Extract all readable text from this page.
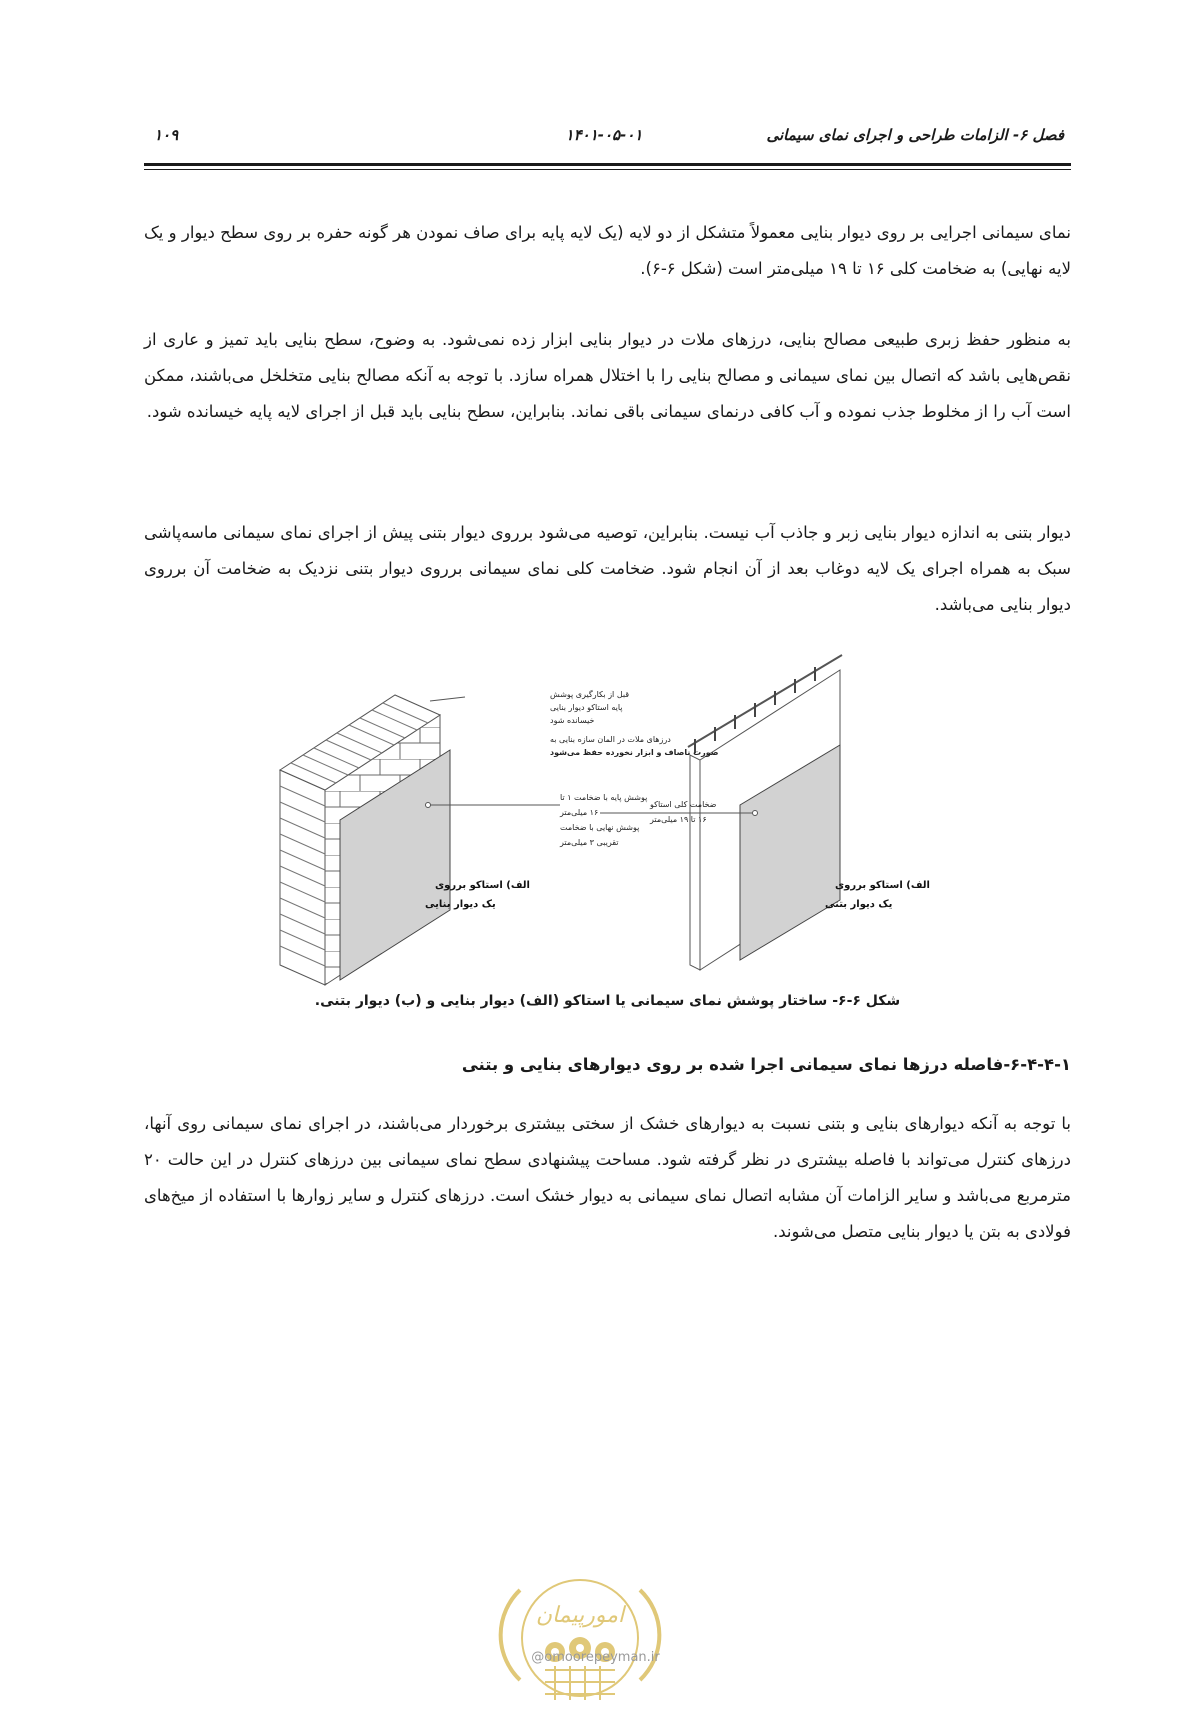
فصل ۶- الزامات طراحی و اجرای نمای سیمانی
۱۴۰۱-۰۵-۰۱
۱۰۹

نمای سیمانی اجرایی بر روی دیوار بنایی معمولاً متشکل از دو لایه (یک لایه پایه برای صاف نمودن هر گونه حفره بر روی سطح دیوار و یک لایه نهایی) به ضخامت کلی ۱۶ تا ۱۹ میلی‌متر است (شکل ۶-۶).

به منظور حفظ زبری طبیعی مصالح بنایی، درزهای ملات در دیوار بنایی ابزار زده نمی‌شود. به وضوح، سطح بنایی باید تمیز و عاری از نقص‌هایی باشد که اتصال بین نمای سیمانی و مصالح بنایی را با اختلال همراه سازد. با توجه به آنکه مصالح بنایی متخلخل می‌باشند، ممکن است آب را از مخلوط جذب نموده و آب کافی درنمای سیمانی باقی نماند. بنابراین، سطح بنایی باید قبل از اجرای لایه پایه خیسانده شود.

دیوار بتنی به اندازه دیوار بنایی زبر و جاذب آب نیست. بنابراین، توصیه می‌شود برروی دیوار بتنی پیش از اجرای نمای سیمانی ماسه‌پاشی سبک به همراه اجرای یک لایه دوغاب بعد از آن انجام شود. ضخامت کلی نمای سیمانی برروی دیوار بتنی نزدیک به ضخامت آن برروی دیوار بنایی می‌باشد.

قبل از بکارگیری پوشش
پایه استاکو دیوار بنایی
خیسانده شود
درزهای ملات در المان سازه بنایی به
صورت ناصاف و ابزار نخورده حفظ می‌شود
پوشش پایه با ضخامت ۱ تا
۱۶ میلی‌متر
پوشش نهایی با ضخامت
تقریبی ۳ میلی‌متر
ضخامت کلی استاکو
۱۶ تا ۱۹ میلی‌متر
الف) استاکو برروی
یک دیوار بنایی
الف) استاکو برروی
یک دیوار بتنی
شکل ۶-۶- ساختار پوشش نمای سیمانی یا استاکو (الف) دیوار بنایی و (ب) دیوار بتنی.
۶-۴-۴-۱-فاصله درزها نمای سیمانی اجرا شده بر روی دیوارهای بنایی و بتنی

با توجه به آنکه دیوارهای بنایی و بتنی نسبت به دیوارهای خشک از سختی بیشتری برخوردار می‌باشند، در اجرای نمای سیمانی روی آنها، درزهای کنترل می‌تواند با فاصله بیشتری در نظر گرفته شود. مساحت پیشنهادی سطح نمای سیمانی بین درزهای کنترل در این حالت ۲۰ مترمربع می‌باشد و سایر الزامات آن مشابه اتصال نمای سیمانی به دیوار خشک است. درزهای کنترل و سایر زوارها با استفاده از میخ‌های فولادی به بتن یا دیوار بنایی متصل می‌شوند.

امورپیمان
@omoorepeyman.ir
